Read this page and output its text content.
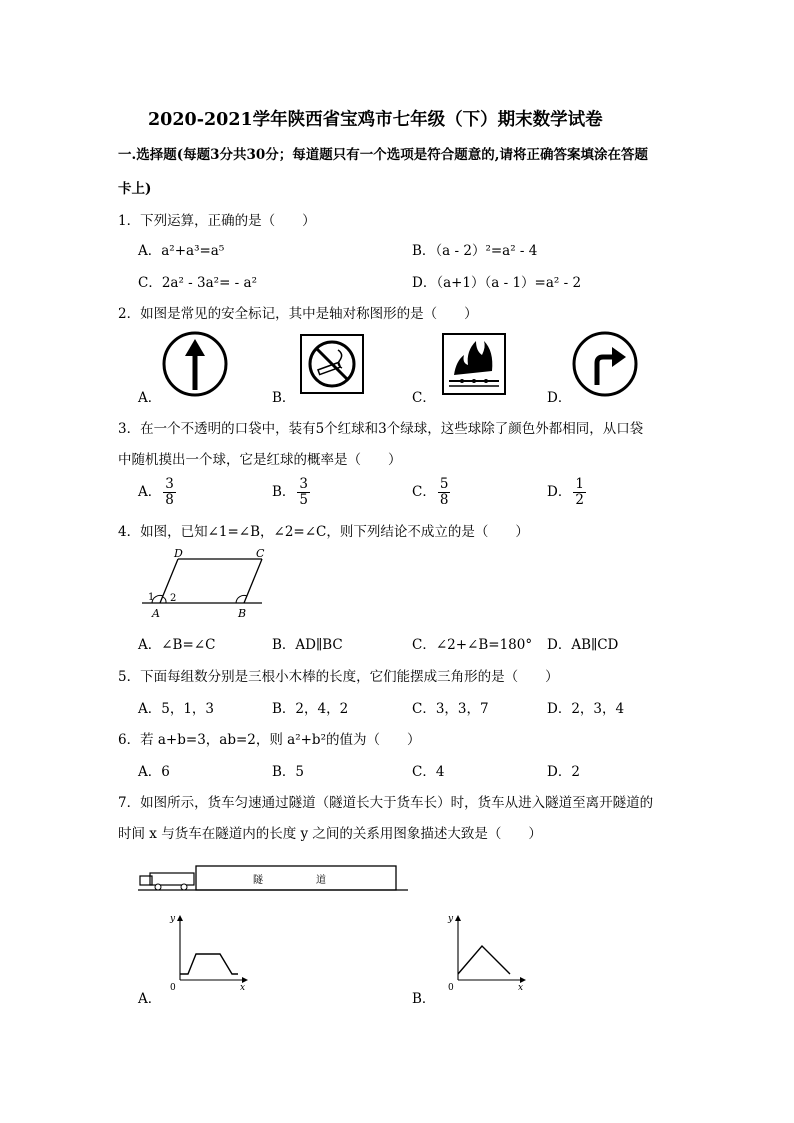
2020-2021学年陕西省宝鸡市七年级（下）期末数学试卷
一.选择题(每题3分共30分；每道题只有一个选项是符合题意的,请将正确答案填涂在答题
卡上)
1．下列运算，正确的是（　　）
A．a²+a³=a⁵	B．（a - 2）²=a² - 4
C．2a² - 3a²= - a²	D．（a+1）（a - 1）=a² - 2
2．如图是常见的安全标记，其中是轴对称图形的是（　　）
A．	B．	C．	D．
3．在一个不透明的口袋中，装有5个红球和3个绿球，这些球除了颜色外都相同，从口袋
中随机摸出一个球，它是红球的概率是（　　）
A． $\frac{3}{8}$	B． $\frac{3}{5}$	C． $\frac{5}{8}$	D． $\frac{1}{2}$
4．如图，已知∠1=∠B，∠2=∠C，则下列结论不成立的是（　　）
D	C
A	B
1 2
A．∠B=∠C	B．AD∥BC	C．∠2+∠B=180° D．AB∥CD
5．下面每组数分别是三根小木棒的长度，它们能摆成三角形的是（　　）
A．5，1，3	B．2，4，2	C．3，3，7	D．2，3，4
6．若 a+b=3，ab=2，则 a²+b²的值为（　　）
A．6	B．5	C．4	D．2
7．如图所示，货车匀速通过隧道（隧道长大于货车长）时，货车从进入隧道至离开隧道的
时间 x 与货车在隧道内的长度 y 之间的关系用图象描述大致是（　　）
隧	道
y
x
0
A．
y
x
0
B．
